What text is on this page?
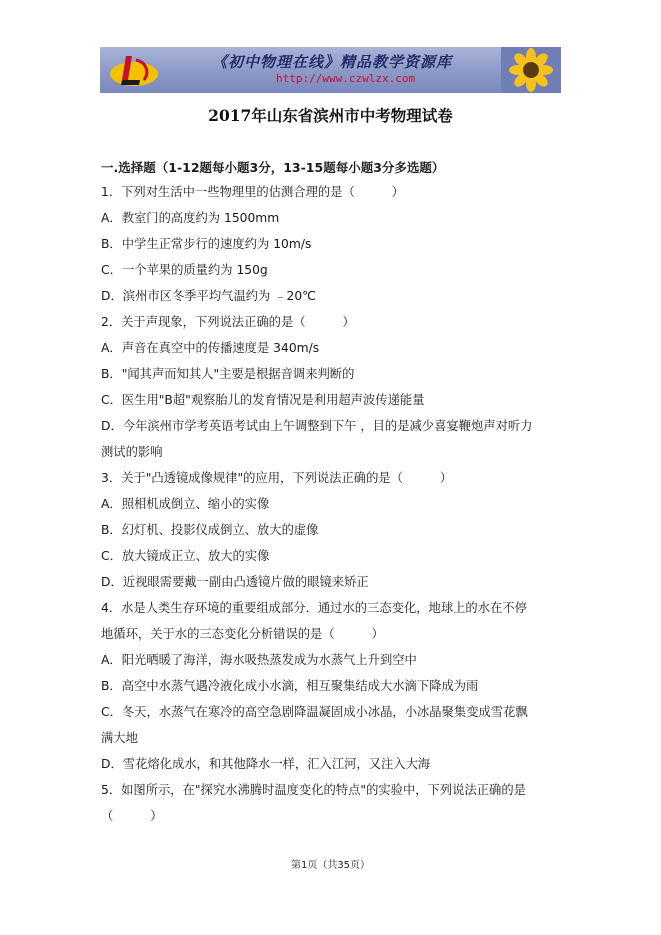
《初中物理在线》精品教学资源库
http://www.czwlzx.com
2017年山东省滨州市中考物理试卷
一.选择题（1-12题每小题3分，13-15题每小题3分多选题）
1．下列对生活中一些物理里的估测合理的是（　　　）
A．教室门的高度约为 1500mm
B．中学生正常步行的速度约为 10m/s
C．一个苹果的质量约为 150g
D．滨州市区冬季平均气温约为 ﹣20℃
2．关于声现象，下列说法正确的是（　　　）
A．声音在真空中的传播速度是 340m/s
B．"闻其声而知其人"主要是根据音调来判断的
C．医生用"B超"观察胎儿的发育情况是利用超声波传递能量
D．今年滨州市学考英语考试由上午调整到下午 ，目的是减少喜宴鞭炮声对听力
测试的影响
3．关于"凸透镜成像规律"的应用，下列说法正确的是（　　　）
A．照相机成倒立、缩小的实像
B．幻灯机、投影仪成倒立、放大的虚像
C．放大镜成正立、放大的实像
D．近视眼需要戴一副由凸透镜片做的眼镜来矫正
4．水是人类生存环境的重要组成部分．通过水的三态变化，地球上的水在不停
地循环，关于水的三态变化分析错误的是（　　　）
A．阳光晒暖了海洋，海水吸热蒸发成为水蒸气上升到空中
B．高空中水蒸气遇冷液化成小水滴，相互聚集结成大水滴下降成为雨
C．冬天，水蒸气在寒冷的高空急剧降温凝固成小冰晶，小冰晶聚集变成雪花飘
满大地
D．雪花熔化成水，和其他降水一样，汇入江河，又注入大海
5．如图所示，在"探究水沸腾时温度变化的特点"的实验中，下列说法正确的是
（　　　）
第1页（共35页）
